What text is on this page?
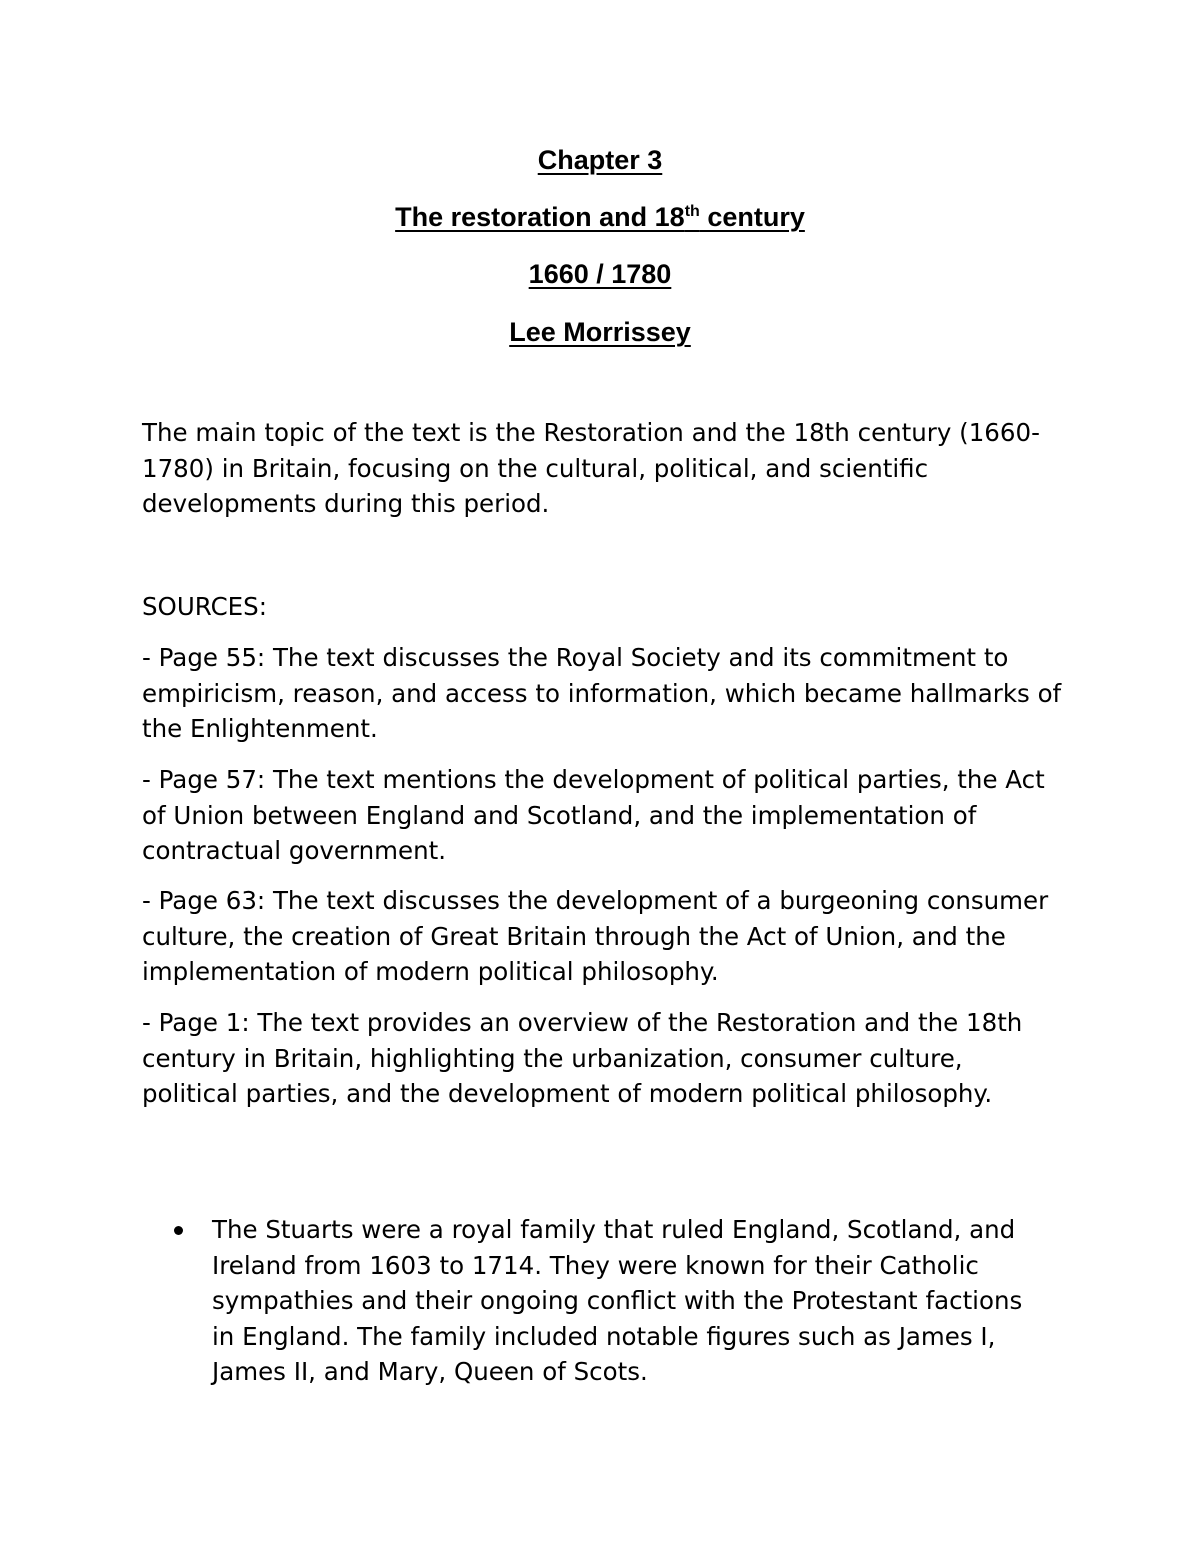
Chapter 3

The restoration and 18th century

1660 / 1780

Lee Morrissey

The main topic of the text is the Restoration and the 18th century (1660-1780) in Britain, focusing on the cultural, political, and scientific developments during this period.

SOURCES:

- Page 55: The text discusses the Royal Society and its commitment to empiricism, reason, and access to information, which became hallmarks of the Enlightenment.

- Page 57: The text mentions the development of political parties, the Act of Union between England and Scotland, and the implementation of contractual government.

- Page 63: The text discusses the development of a burgeoning consumer culture, the creation of Great Britain through the Act of Union, and the implementation of modern political philosophy.

- Page 1: The text provides an overview of the Restoration and the 18th century in Britain, highlighting the urbanization, consumer culture, political parties, and the development of modern political philosophy.

The Stuarts were a royal family that ruled England, Scotland, and Ireland from 1603 to 1714. They were known for their Catholic sympathies and their ongoing conflict with the Protestant factions in England. The family included notable figures such as James I, James II, and Mary, Queen of Scots.
